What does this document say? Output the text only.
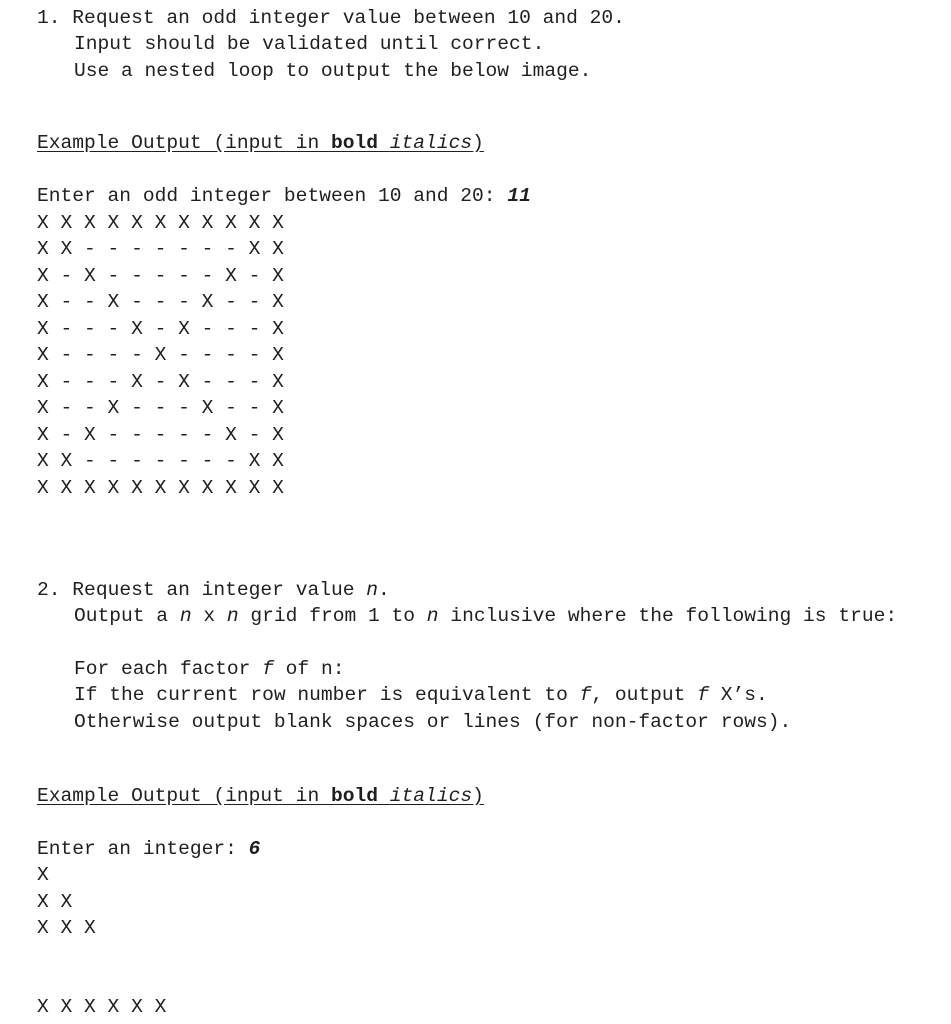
1. Request an odd integer value between 10 and 20.

Input should be validated until correct.

Use a nested loop to output the below image.

Example Output (input in bold italics)

Enter an odd integer between 10 and 20: 11

X X X X X X X X X X X

X X - - - - - - - X X

X - X - - - - - X - X

X - - X - - - X - - X

X - - - X - X - - - X

X - - - - X - - - - X

X - - - X - X - - - X

X - - X - - - X - - X

X - X - - - - - X - X

X X - - - - - - - X X

X X X X X X X X X X X

2. Request an integer value n.

Output a n x n grid from 1 to n inclusive where the following is true:

For each factor f of n:

If the current row number is equivalent to f, output f X’s.

Otherwise output blank spaces or lines (for non-factor rows).

Example Output (input in bold italics)

Enter an integer: 6

X

X X

X X X

X X X X X X
